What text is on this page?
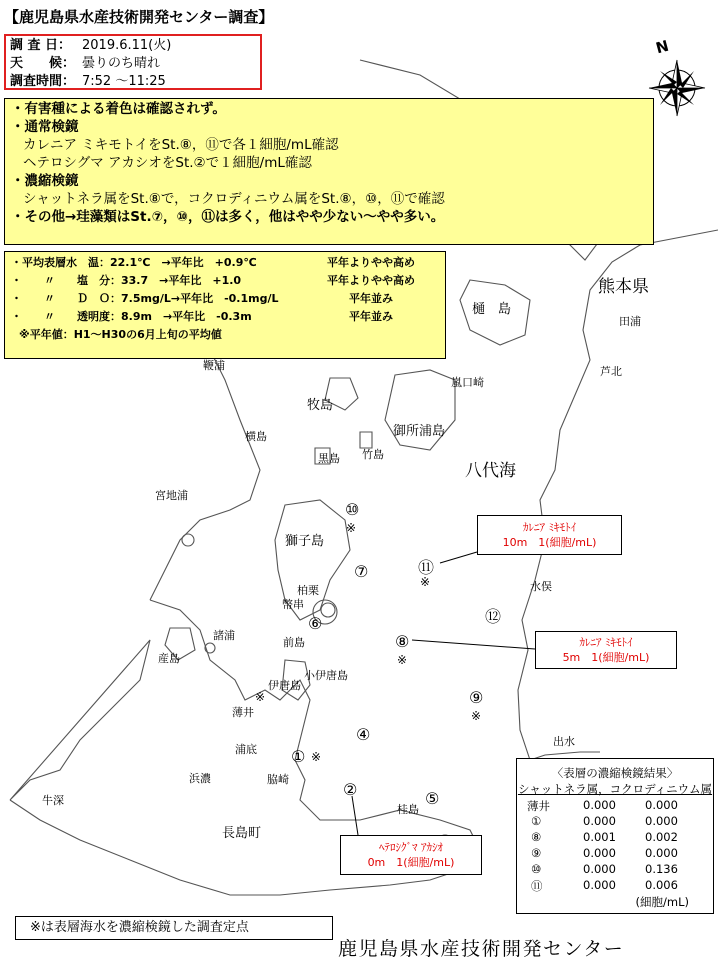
N
【鹿児島県水産技術開発センター調査】
調 査 日： 2019.6.11(火)
天　　候： 曇りのち晴れ
調査時間： 7:52 〜11:25
・有害種による着色は確認されず。
・通常検鏡
カレニア ミキモトイをSt.⑧，⑪で各１細胞/mL確認
ヘテロシグマ アカシオをSt.②で１細胞/mL確認
・濃縮検鏡
シャットネラ属をSt.⑧で，コクロディニウム属をSt.⑧，⑩，⑪で確認
・その他→珪藻類はSt.⑦，⑩，⑪は多く，他はやや少ない〜やや多い。
・平均表層水　温：22.1℃　→平年比　+0.9℃	平年よりやや高め
・　　〃　　塩　分：33.7　→平年比　+1.0	平年よりやや高め
・　　〃　　Ｄ　Ｏ：7.5mg/L→平年比　-0.1mg/L	　　平年並み
・　　〃　　透明度：8.9m　→平年比　-0.3m	　　平年並み
※平年値：H1〜H30の6月上旬の平均値
熊本県
田浦
芦北
樋　島
鞭浦
嵐口崎
牧島
御所浦島
八代海
横島
黒島 竹島
宮地浦
獅子島
柏栗
幣串
前島
諸浦
産島
小伊唐島
伊唐島
薄井
浦底
浜濃	脇崎
牛深
長島町
桂島
水俣
出水
⑩
※
⑪
※
⑦
⑫
⑥
⑧
※
⑨
※
④
① ※
※
②	⑤
ｶﾚﾆｱ ﾐｷﾓﾄｲ
10m　1(細胞/mL)
ｶﾚﾆｱ ﾐｷﾓﾄｲ
5m　1(細胞/mL)
ﾍﾃﾛｼｸﾞﾏ ｱｶｼｵ
0m　1(細胞/mL)
〈表層の濃縮検鏡結果〉
シャットネラ属，コクロディニウム属
薄井	0.000	0.000
①	0.000	0.000
⑧	0.001	0.002
⑨	0.000	0.000
⑩	0.000	0.136
⑪	0.000	0.006
(細胞/mL)
※は表層海水を濃縮検鏡した調査定点
鹿児島県水産技術開発センター
